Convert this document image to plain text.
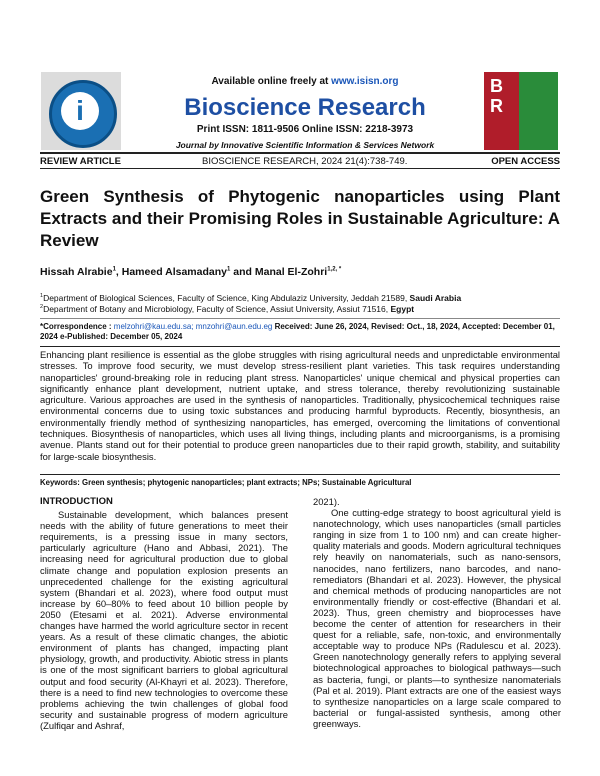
i
B
R
Available online freely at www.isisn.org
Bioscience Research
Print ISSN: 1811-9506 Online ISSN: 2218-3973
Journal by Innovative Scientific Information & Services Network
REVIEW ARTICLE	BIOSCIENCE RESEARCH, 2024 21(4):738-749.	OPEN ACCESS
Green Synthesis of Phytogenic nanoparticles using Plant Extracts and their Promising Roles in Sustainable Agriculture: A Review
Hissah Alrabie$^1$, Hameed Alsamadany$^1$ and Manal El-Zohri$^{1,2, *}$
$^1$Department of Biological Sciences, Faculty of Science, King Abdulaziz University, Jeddah 21589, Saudi Arabia
$^2$Department of Botany and Microbiology, Faculty of Science, Assiut University, Assiut 71516, Egypt
*Correspondence : melzohri@kau.edu.sa; mnzohri@aun.edu.eg Received: June 26, 2024, Revised: Oct., 18, 2024, Accepted: December 01, 2024 e-Published: December 05, 2024
Enhancing plant resilience is essential as the globe struggles with rising agricultural needs and unpredictable environmental stresses. To improve food security, we must develop stress-resilient plant varieties. This task requires understanding nanoparticles' ground-breaking role in reducing plant stress. Nanoparticles' unique chemical and physical properties can significantly enhance plant development, nutrient uptake, and stress tolerance, thereby revolutionizing sustainable agriculture. Various approaches are used in the synthesis of nanoparticles. Traditionally, physicochemical techniques raise environmental concerns due to using toxic substances and producing harmful byproducts. Recently, biosynthesis, an environmentally friendly method of synthesizing nanoparticles, has emerged, overcoming the limitations of conventional techniques. Biosynthesis of nanoparticles, which uses all living things, including plants and microorganisms, is a promising avenue. Plants stand out for their potential to produce green nanoparticles due to their rapid growth, stability, and suitability for large-scale biosynthesis.
Keywords: Green synthesis; phytogenic nanoparticles; plant extracts; NPs; Sustainable Agricultural
INTRODUCTION

Sustainable development, which balances present needs with the ability of future generations to meet their requirements, is a pressing issue in many sectors, particularly agriculture (Hano and Abbasi, 2021). The increasing need for agricultural production due to global climate change and population explosion presents an unprecedented challenge for the existing agricultural system (Bhandari et al. 2023), where food output must increase by 60–80% to feed about 10 billion people by 2050 (Etesami et al. 2021). Adverse environmental changes have harmed the world agriculture sector in recent years. As a result of these climatic changes, the abiotic environment of plants has changed, impacting plant physiology, growth, and productivity. Abiotic stress in plants is one of the most significant barriers to global agricultural output and food security (Al-Khayri et al. 2023). Therefore, there is a need to find new technologies to overcome these problems achieving the twin challenges of global food security and sustainable progress of modern agriculture (Zulfiqar and Ashraf,

2021).

One cutting-edge strategy to boost agricultural yield is nanotechnology, which uses nanoparticles (small particles ranging in size from 1 to 100 nm) and can create higher-quality materials and goods. Modern agricultural techniques rely heavily on nanomaterials, such as nano-sensors, nanocides, nano fertilizers, nano barcodes, and nano-remediators (Bhandari et al. 2023). However, the physical and chemical methods of producing nanoparticles are not environmentally friendly or cost-effective (Bhandari et al. 2023). Thus, green chemistry and bioprocesses have become the center of attention for researchers in their quest for a reliable, safe, non-toxic, and environmentally acceptable way to produce NPs (Radulescu et al. 2023). Green nanotechnology generally refers to applying several biotechnological approaches to biological pathways—such as bacteria, fungi, or plants—to synthesize nanomaterials (Pal et al. 2019). Plant extracts are one of the easiest ways to synthesize nanoparticles on a large scale compared to bacterial or fungal-assisted synthesis, among other greenways.
